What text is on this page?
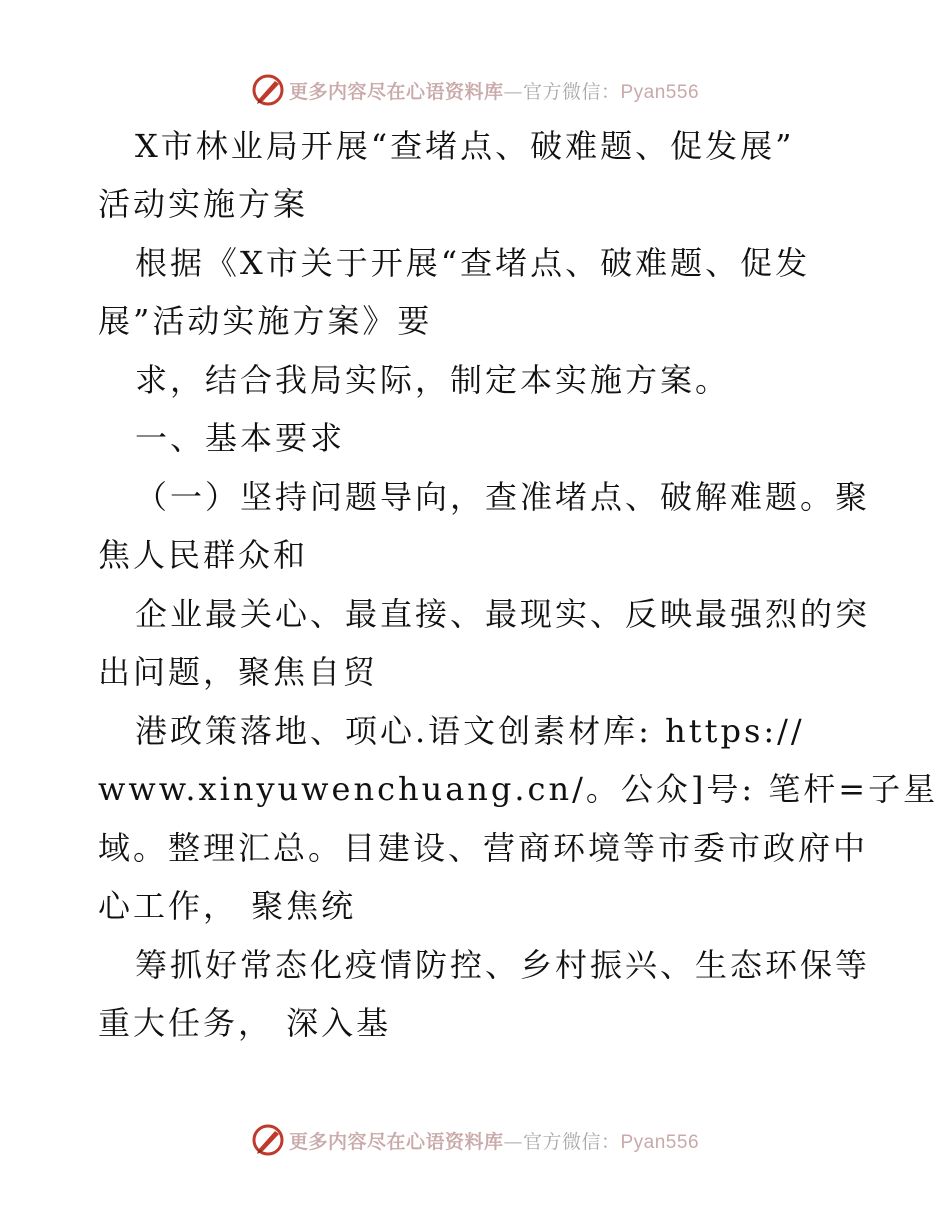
更多内容尽在心语资料库—官方微信：Pyan556
X市林业局开展“查堵点、破难题、促发展”
活动实施方案
根据《X市关于开展“查堵点、破难题、促发
展”活动实施方案》要
求，结合我局实际，制定本实施方案。
一、基本要求
（一）坚持问题导向，查准堵点、破解难题。聚
焦人民群众和
企业最关心、最直接、最现实、反映最强烈的突
出问题，聚焦自贸
港政策落地、项心.语文创素材库: https://
www.xinyuwenchuang.cn/。公众]号: 笔杆=子星
域。整理汇总。目建设、营商环境等市委市政府中
心工作， 聚焦统
筹抓好常态化疫情防控、乡村振兴、生态环保等
重大任务， 深入基
更多内容尽在心语资料库—官方微信：Pyan556
